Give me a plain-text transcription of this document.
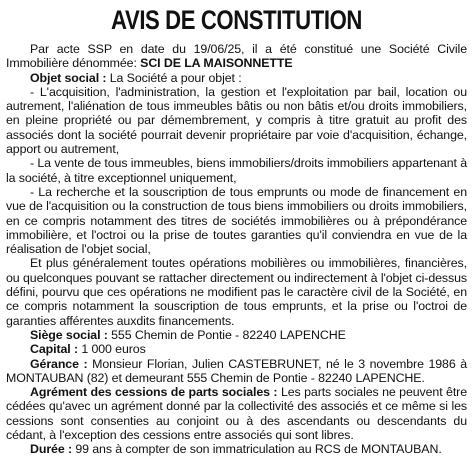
AVIS DE CONSTITUTION

Par acte SSP en date du 19/06/25, il a été constitué une Société Civile Immobilière dénommée: SCI DE LA MAISONNETTE

Objet social : La Société a pour objet :

- L'acquisition, l'administration, la gestion et l'exploitation par bail, location ou autrement, l'aliénation de tous immeubles bâtis ou non bâtis et/ou droits immobiliers, en pleine propriété ou par démembrement, y compris à titre gratuit au profit des associés dont la société pourrait devenir propriétaire par voie d'acquisition, échange, apport ou autrement,

- La vente de tous immeubles, biens immobiliers/droits immobiliers appartenant à la société, à titre exceptionnel uniquement,

- La recherche et la souscription de tous emprunts ou mode de financement en vue de l'acquisition ou la construction de tous biens immobiliers ou droits immobiliers, en ce compris notamment des titres de sociétés immobilières ou à prépondérance immobilière, et l'octroi ou la prise de toutes garanties qu'il conviendra en vue de la réalisation de l'objet social,

Et plus généralement toutes opérations mobilières ou immobilières, financières, ou quelconques pouvant se rattacher directement ou indirectement à l'objet ci-dessus défini, pourvu que ces opérations ne modifient pas le caractère civil de la Société, en ce compris notamment la souscription de tous emprunts, et la prise ou l'octroi de garanties afférentes auxdits financements.

Siège social : 555 Chemin de Pontie - 82240 LAPENCHE

Capital : 1 000 euros

Gérance : Monsieur Florian, Julien CASTEBRUNET, né le 3 novembre 1986 à MONTAUBAN (82) et demeurant 555 Chemin de Pontie - 82240 LAPENCHE.

Agrément des cessions de parts sociales : Les parts sociales ne peuvent être cédées qu'avec un agrément donné par la collectivité des associés et ce même si les cessions sont consenties au conjoint ou à des ascendants ou descendants du cédant, à l'exception des cessions entre associés qui sont libres.

Durée : 99 ans à compter de son immatriculation au RCS de MONTAUBAN.
